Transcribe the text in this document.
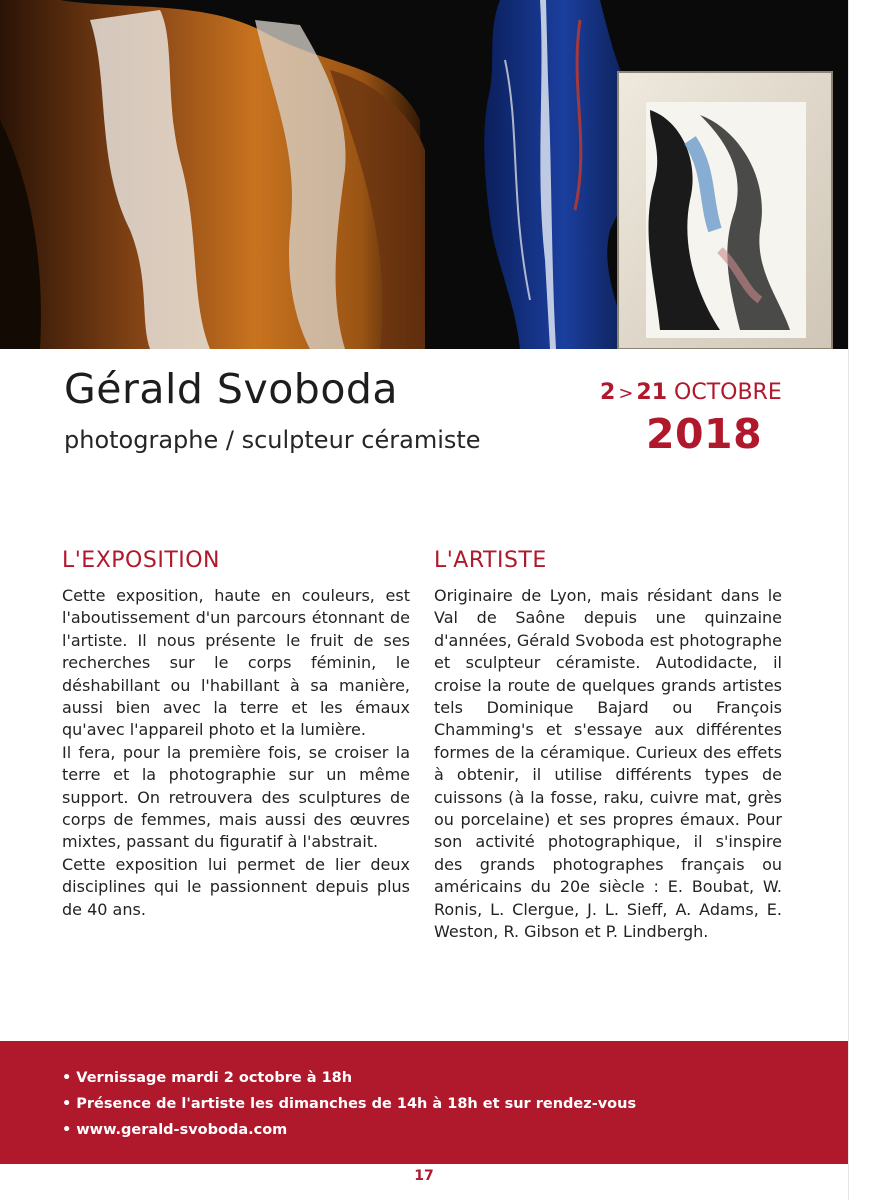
Gérald Svoboda
photographe / sculpteur céramiste
2 > 21 OCTOBRE
2018
L'EXPOSITION

Cette exposition, haute en couleurs, est l'aboutissement d'un parcours étonnant de l'artiste. Il nous présente le fruit de ses recherches sur le corps féminin, le déshabillant ou l'habillant à sa manière, aussi bien avec la terre et les émaux qu'avec l'appareil photo et la lumière.

Il fera, pour la première fois, se croiser la terre et la photographie sur un même support. On retrouvera des sculptures de corps de femmes, mais aussi des œuvres mixtes, passant du figuratif à l'abstrait.

Cette exposition lui permet de lier deux disciplines qui le passionnent depuis plus de 40 ans.

L'ARTISTE

Originaire de Lyon, mais résidant dans le Val de Saône depuis une quinzaine d'années, Gérald Svoboda est photographe et sculpteur céramiste. Autodidacte, il croise la route de quelques grands artistes tels Dominique Bajard ou François Chamming's et s'essaye aux différentes formes de la céramique. Curieux des effets à obtenir, il utilise différents types de cuissons (à la fosse, raku, cuivre mat, grès ou porcelaine) et ses propres émaux. Pour son activité photographique, il s'inspire des grands photographes français ou américains du 20e siècle : E. Boubat, W. Ronis, L. Clergue, J. L. Sieff, A. Adams, E. Weston, R. Gibson et P. Lindbergh.

• Vernissage mardi 2 octobre à 18h
• Présence de l'artiste les dimanches de 14h à 18h et sur rendez-vous
• www.gerald-svoboda.com
17
